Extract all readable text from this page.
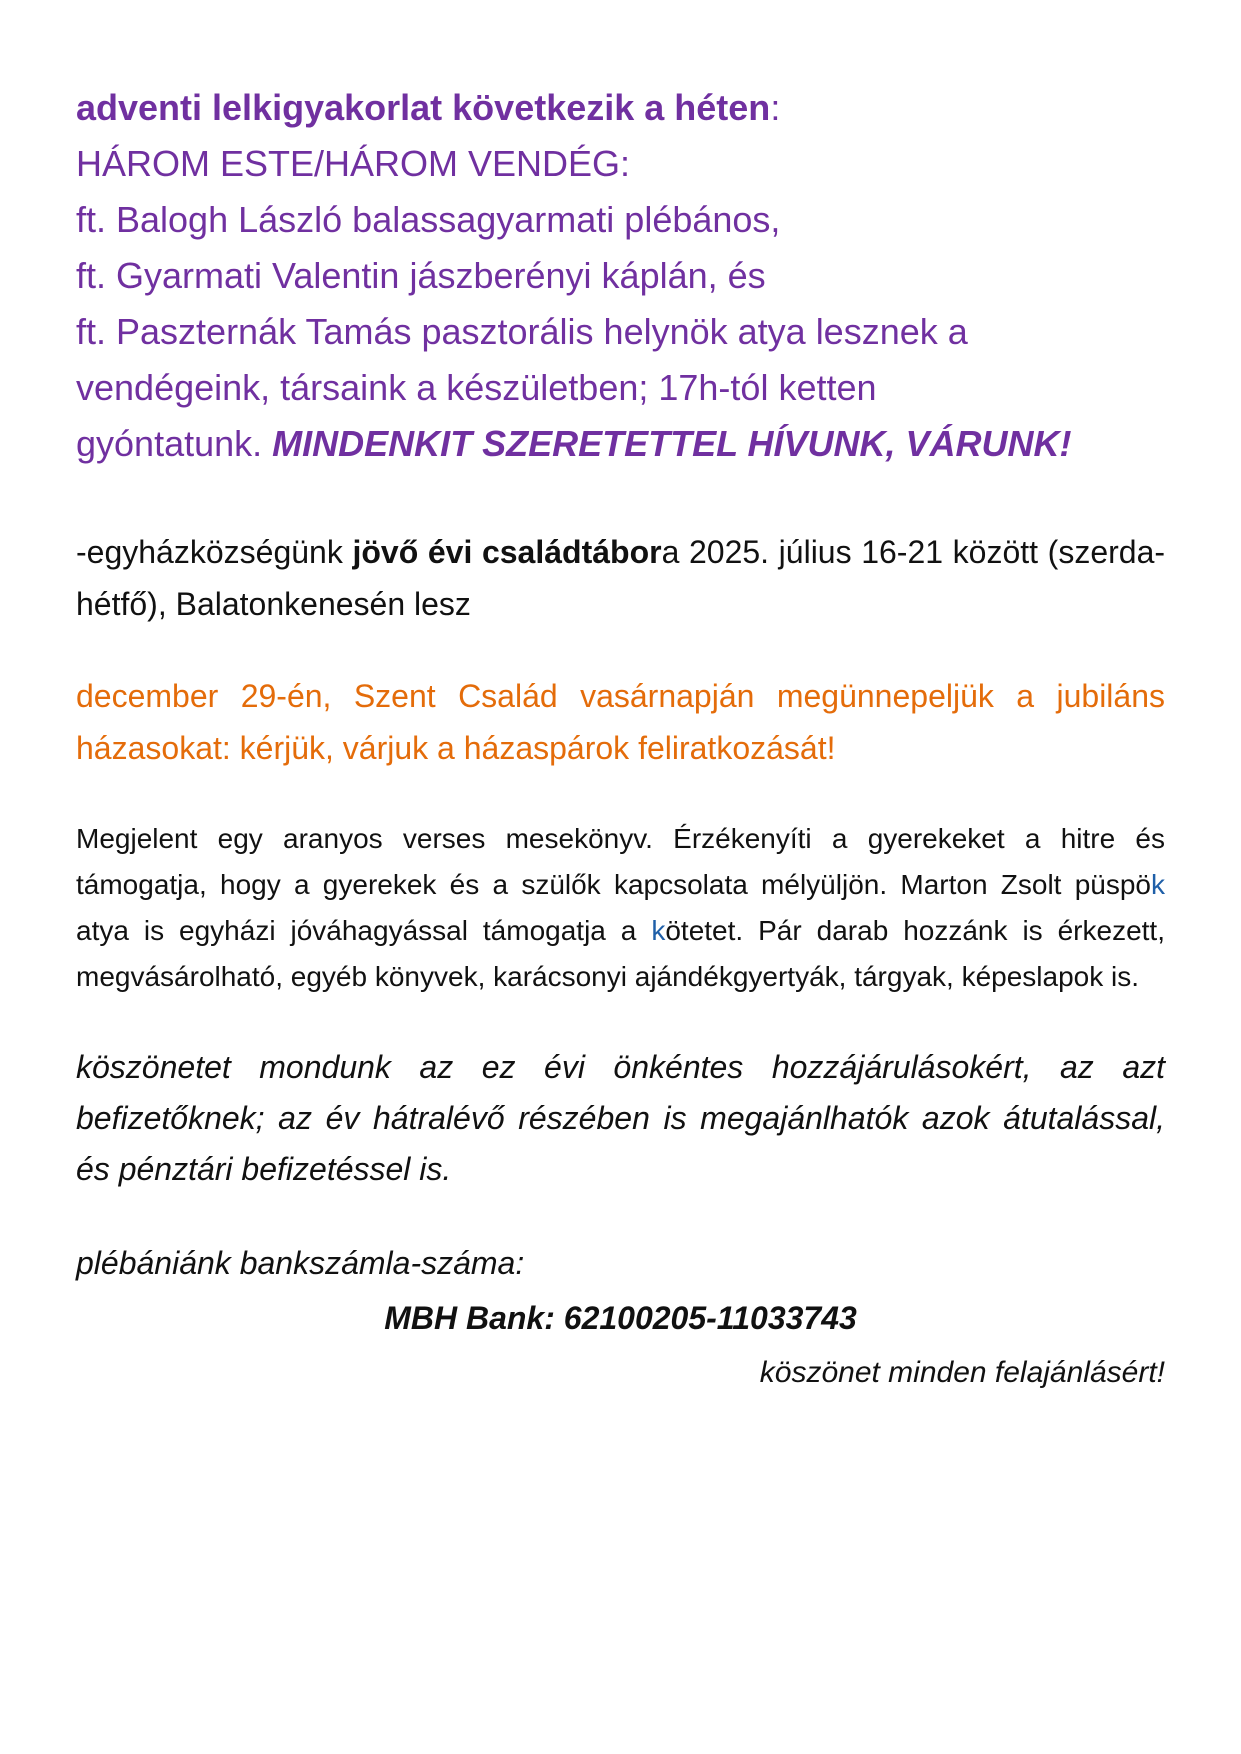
adventi lelkigyakorlat következik a héten:
HÁROM ESTE/HÁROM VENDÉG:
ft. Balogh László balassagyarmati plébános,
ft. Gyarmati Valentin jászberényi káplán, és
ft. Paszternák Tamás pasztorális helynök atya lesznek a
vendégeink, társaink a készületben; 17h-tól ketten
gyóntatunk. MINDENKIT SZERETETTEL HÍVUNK, VÁRUNK!
-egyházközségünk jövő évi családtábora 2025. július 16-21 között (szerda-hétfő), Balatonkenesén lesz
december 29-én, Szent Család vasárnapján megünnepeljük a jubiláns házasokat: kérjük, várjuk a házaspárok feliratkozását!
Megjelent egy aranyos verses mesekönyv. Érzékenyíti a gyerekeket a hitre és támogatja, hogy a gyerekek és a szülők kapcsolata mélyüljön. Marton Zsolt püspök atya is egyházi jóváhagyással támogatja a kötetet. Pár darab hozzánk is érkezett, megvásárolható, egyéb könyvek, karácsonyi ajándékgyertyák, tárgyak, képeslapok is.
köszönetet mondunk az ez évi önkéntes hozzájárulásokért, az azt befizetőknek; az év hátralévő részében is megajánlhatók azok átutalással, és pénztári befizetéssel is.
plébániánk bankszámla-száma:
MBH Bank: 62100205-11033743
köszönet minden felajánlásért!
